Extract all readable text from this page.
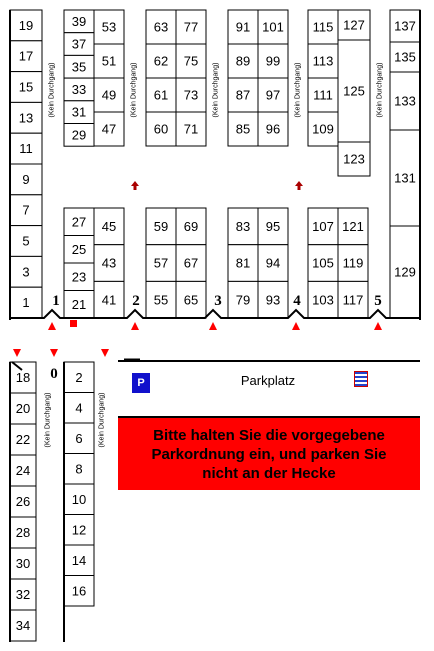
19
17
15
13
11
9
7
5
3
1
39
37
35
33
31
29
53
51
49
47
27
25
23
21
45
43
41
63 77
62 75
61 73
60 71
59 69
57 67
55 65
91 101
89 99
87 97
85 96
83 95
81 94
79 93
115
113
111
109
127
125
123
107 121
105 119
103 117
137
135
133
131
129
18
20
22
24
26
28
30
32
34
2
4
6
8
10
12
14
16
(Kein Durchgang)	(Kein Durchgang)	(Kein Durchgang)	(Kein Durchgang)	(Kein Durchgang)
(Kein Durchgang)	(Kein Durchgang)
1	2	3	4	5
0
P	Parkplatz
Bitte halten Sie die vorgegebene
Parkordnung ein, und parken Sie
nicht an der Hecke
